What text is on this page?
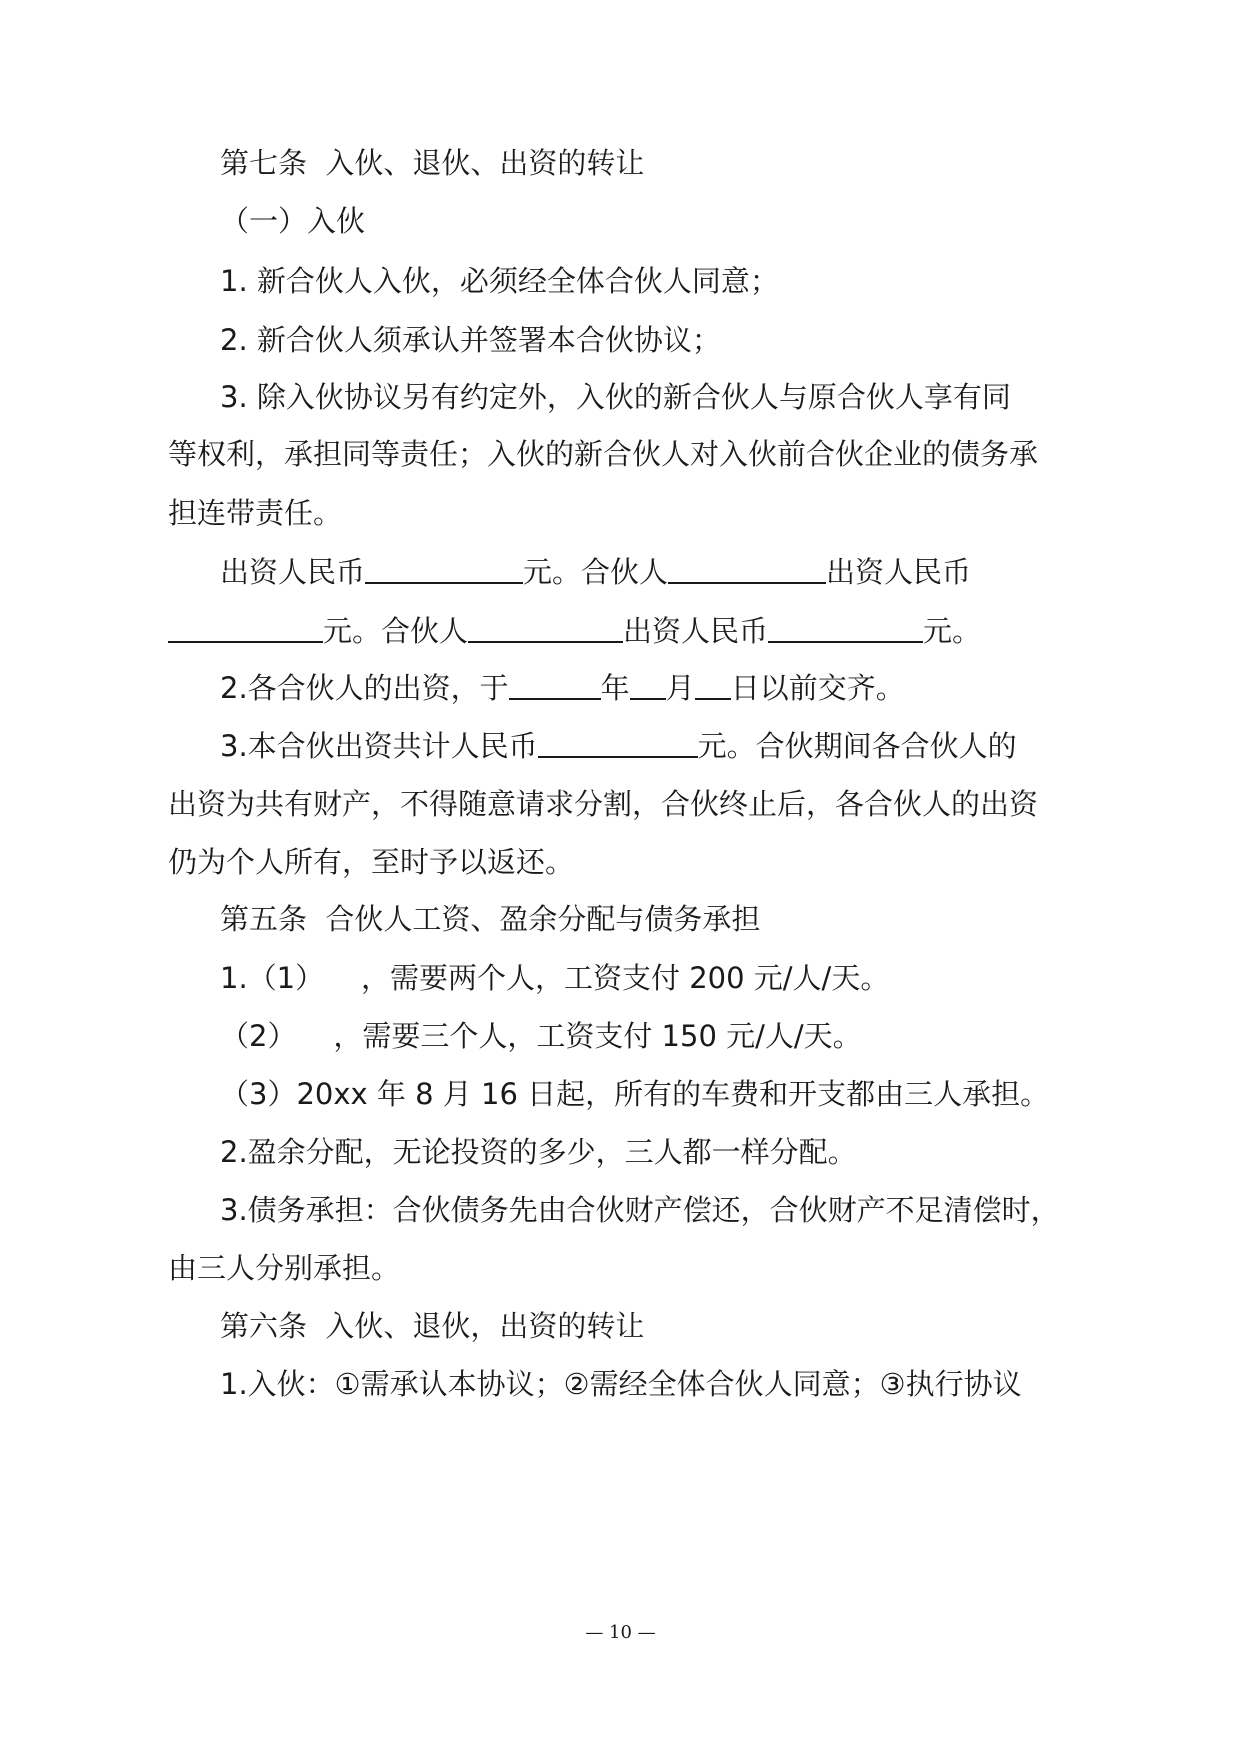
第七条  入伙、退伙、出资的转让
（一）入伙
1. 新合伙人入伙，必须经全体合伙人同意；
2. 新合伙人须承认并签署本合伙协议；
3. 除入伙协议另有约定外，入伙的新合伙人与原合伙人享有同
等权利，承担同等责任；入伙的新合伙人对入伙前合伙企业的债务承
担连带责任。
出资人民币	元。合伙人	出资人民币
元。合伙人	出资人民币	元。
2.各合伙人的出资，于	年 月 日以前交齐。
3.本合伙出资共计人民币	元。合伙期间各合伙人的
出资为共有财产，不得随意请求分割，合伙终止后，各合伙人的出资
仍为个人所有，至时予以返还。
第五条  合伙人工资、盈余分配与债务承担
1.（1）    ，需要两个人，工资支付 200 元/人/天。
（2）    ，需要三个人，工资支付 150 元/人/天。
（3）20xx 年 8 月 16 日起，所有的车费和开支都由三人承担。
2.盈余分配，无论投资的多少，三人都一样分配。
3.债务承担：合伙债务先由合伙财产偿还，合伙财产不足清偿时，
由三人分别承担。
第六条  入伙、退伙，出资的转让
1.入伙：①需承认本协议；②需经全体合伙人同意；③执行协议
— 10 —
